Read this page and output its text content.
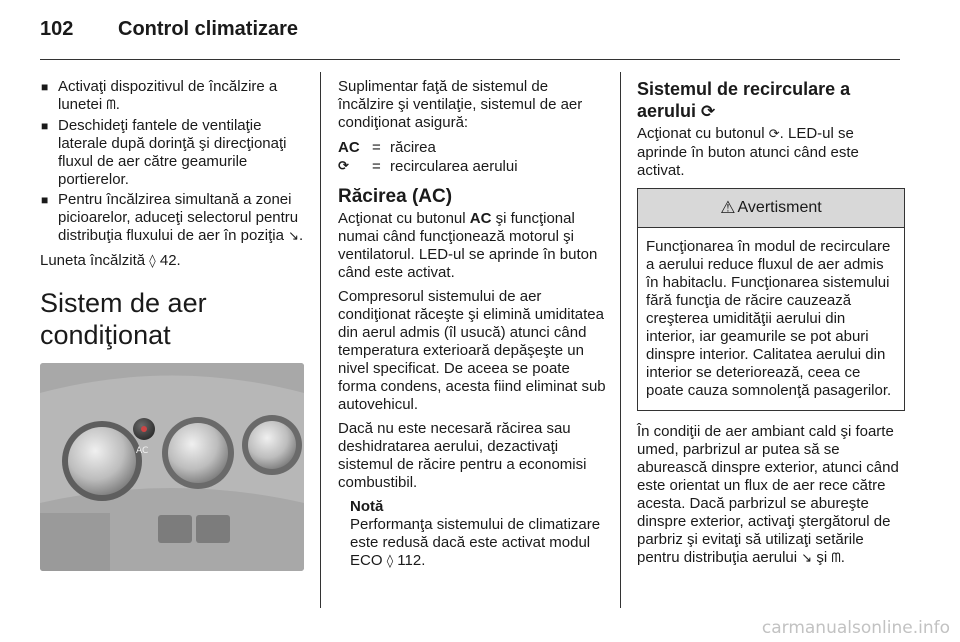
102 Control climatizare
■ Activaţi dispozitivul de încălzire a lunetei ᗰ.
■ Deschideţi fantele de ventilaţie laterale după dorinţă şi direcţionaţi fluxul de aer către geamurile portierelor.
■ Pentru încălzirea simultană a zonei picioarelor, aduceţi selectorul pentru distribuţia fluxului de aer în poziţia ↘.

Luneta încălzită ◊ 42.

Sistem de aer condiţionat
AC

Suplimentar faţă de sistemul de încălzire şi ventilaţie, sistemul de aer condiţionat asigură:

AC = răcirea
⟳	= recircularea aerului
Răcirea (AC)

Acţionat cu butonul AC şi funcţional numai când funcţionează motorul şi ventilatorul. LED-ul se aprinde în buton când este activat.

Compresorul sistemului de aer condiţionat răceşte şi elimină umiditatea din aerul admis (îl usucă) atunci când temperatura exterioară depăşeşte un nivel specificat. De aceea se poate forma condens, acesta fiind eliminat sub autovehicul.

Dacă nu este necesară răcirea sau deshidratarea aerului, dezactivaţi sistemul de răcire pentru a economisi combustibil.

Notă
Performanţa sistemului de climatizare este redusă dacă este activat modul ECO ◊ 112.
Sistemul de recirculare a aerului ⟳

Acţionat cu butonul ⟳. LED-ul se aprinde în buton atunci când este activat.

⚠ Avertisment
Funcţionarea în modul de recirculare a aerului reduce fluxul de aer admis în habitaclu. Funcţionarea sistemului fără funcţia de răcire cauzează creşterea umidităţii aerului din interior, iar geamurile se pot aburi dinspre interior. Calitatea aerului din interior se deteriorează, ceea ce poate cauza somnolenţă pasagerilor.

În condiţii de aer ambiant cald şi foarte umed, parbrizul ar putea să se aburească dinspre exterior, atunci când este orientat un flux de aer rece către acesta. Dacă parbrizul se abureşte dinspre exterior, activaţi ştergătorul de parbriz şi evitaţi să utilizaţi setările pentru distribuţia aerului ↘ şi ᗰ.

carmanualsonline.info
